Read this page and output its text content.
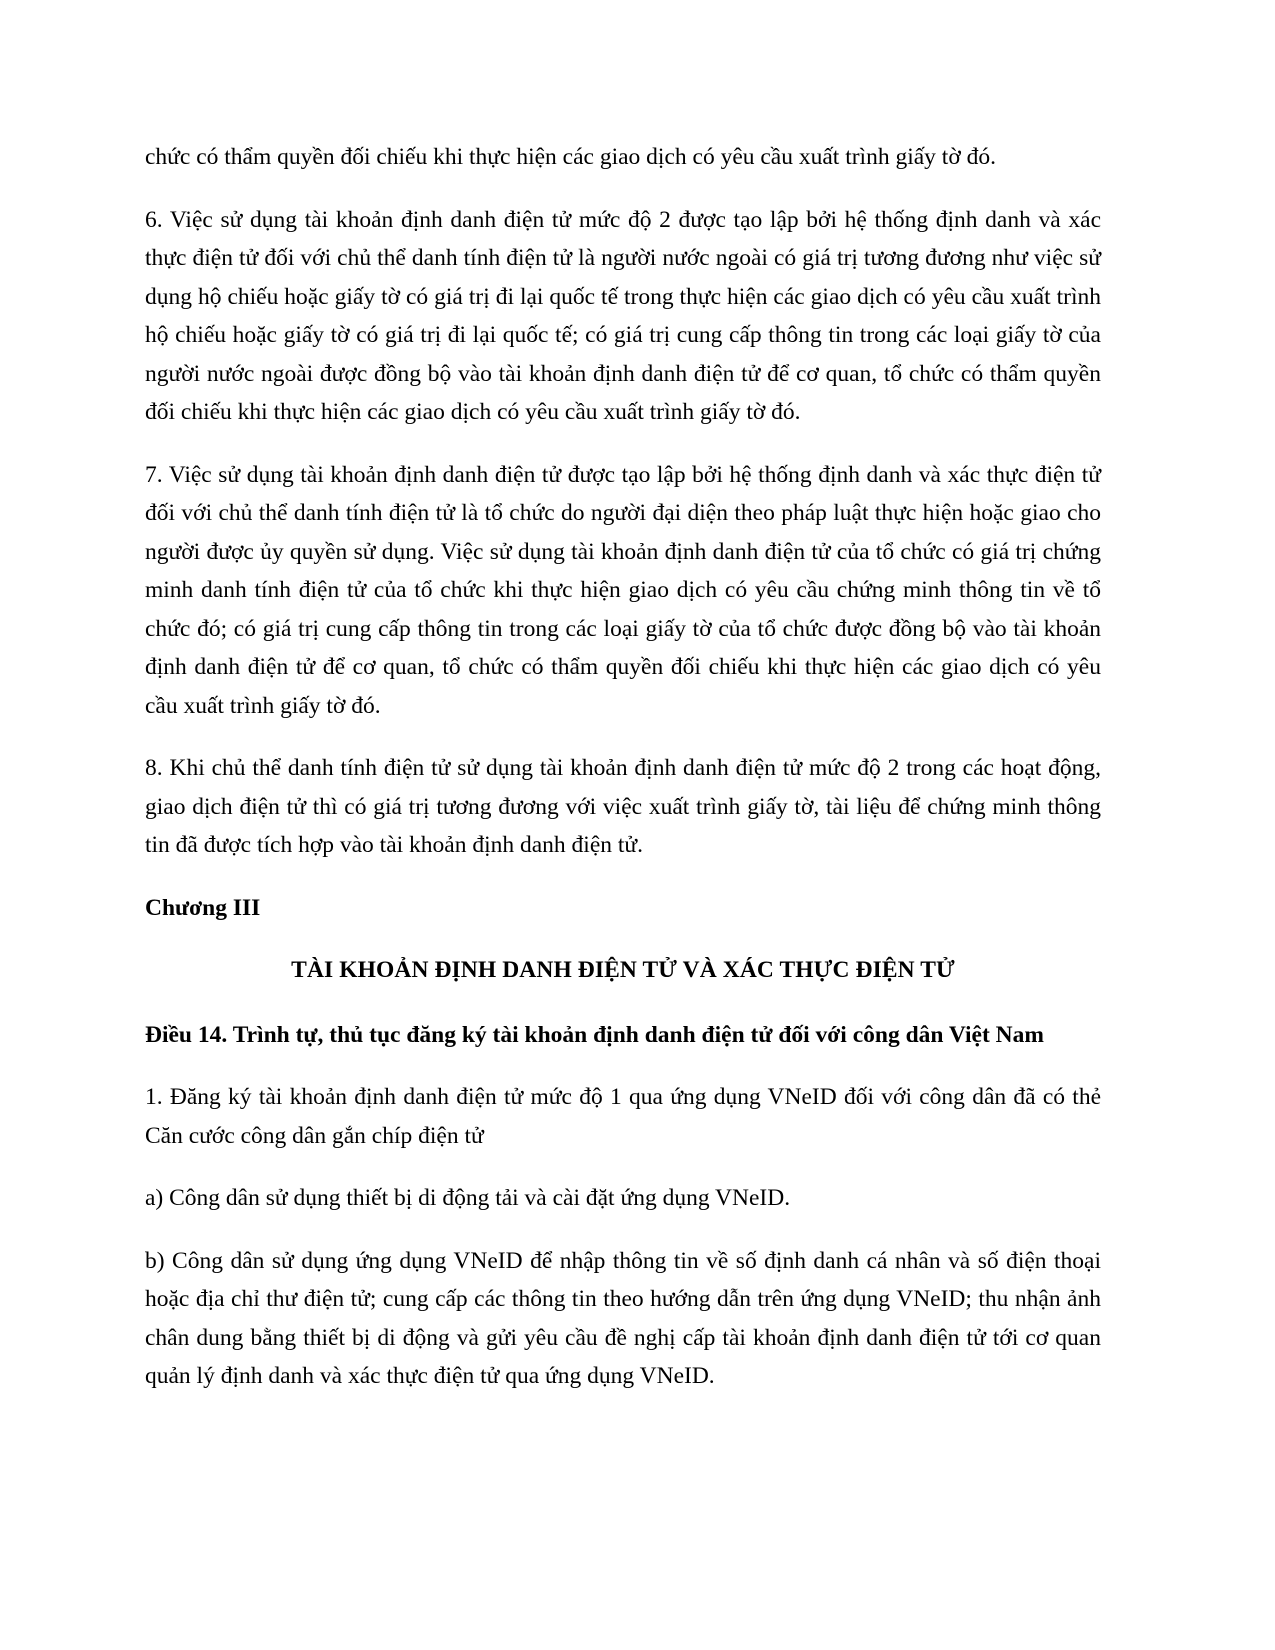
chức có thẩm quyền đối chiếu khi thực hiện các giao dịch có yêu cầu xuất trình giấy tờ đó.

6. Việc sử dụng tài khoản định danh điện tử mức độ 2 được tạo lập bởi hệ thống định danh và xác thực điện tử đối với chủ thể danh tính điện tử là người nước ngoài có giá trị tương đương như việc sử dụng hộ chiếu hoặc giấy tờ có giá trị đi lại quốc tế trong thực hiện các giao dịch có yêu cầu xuất trình hộ chiếu hoặc giấy tờ có giá trị đi lại quốc tế; có giá trị cung cấp thông tin trong các loại giấy tờ của người nước ngoài được đồng bộ vào tài khoản định danh điện tử để cơ quan, tổ chức có thẩm quyền đối chiếu khi thực hiện các giao dịch có yêu cầu xuất trình giấy tờ đó.

7. Việc sử dụng tài khoản định danh điện tử được tạo lập bởi hệ thống định danh và xác thực điện tử đối với chủ thể danh tính điện tử là tổ chức do người đại diện theo pháp luật thực hiện hoặc giao cho người được ủy quyền sử dụng. Việc sử dụng tài khoản định danh điện tử của tổ chức có giá trị chứng minh danh tính điện tử của tổ chức khi thực hiện giao dịch có yêu cầu chứng minh thông tin về tổ chức đó; có giá trị cung cấp thông tin trong các loại giấy tờ của tổ chức được đồng bộ vào tài khoản định danh điện tử để cơ quan, tổ chức có thẩm quyền đối chiếu khi thực hiện các giao dịch có yêu cầu xuất trình giấy tờ đó.

8. Khi chủ thể danh tính điện tử sử dụng tài khoản định danh điện tử mức độ 2 trong các hoạt động, giao dịch điện tử thì có giá trị tương đương với việc xuất trình giấy tờ, tài liệu để chứng minh thông tin đã được tích hợp vào tài khoản định danh điện tử.

Chương III

TÀI KHOẢN ĐỊNH DANH ĐIỆN TỬ VÀ XÁC THỰC ĐIỆN TỬ

Điều 14. Trình tự, thủ tục đăng ký tài khoản định danh điện tử đối với công dân Việt Nam

1. Đăng ký tài khoản định danh điện tử mức độ 1 qua ứng dụng VNeID đối với công dân đã có thẻ Căn cước công dân gắn chíp điện tử

a) Công dân sử dụng thiết bị di động tải và cài đặt ứng dụng VNeID.

b) Công dân sử dụng ứng dụng VNeID để nhập thông tin về số định danh cá nhân và số điện thoại hoặc địa chỉ thư điện tử; cung cấp các thông tin theo hướng dẫn trên ứng dụng VNeID; thu nhận ảnh chân dung bằng thiết bị di động và gửi yêu cầu đề nghị cấp tài khoản định danh điện tử tới cơ quan quản lý định danh và xác thực điện tử qua ứng dụng VNeID.
